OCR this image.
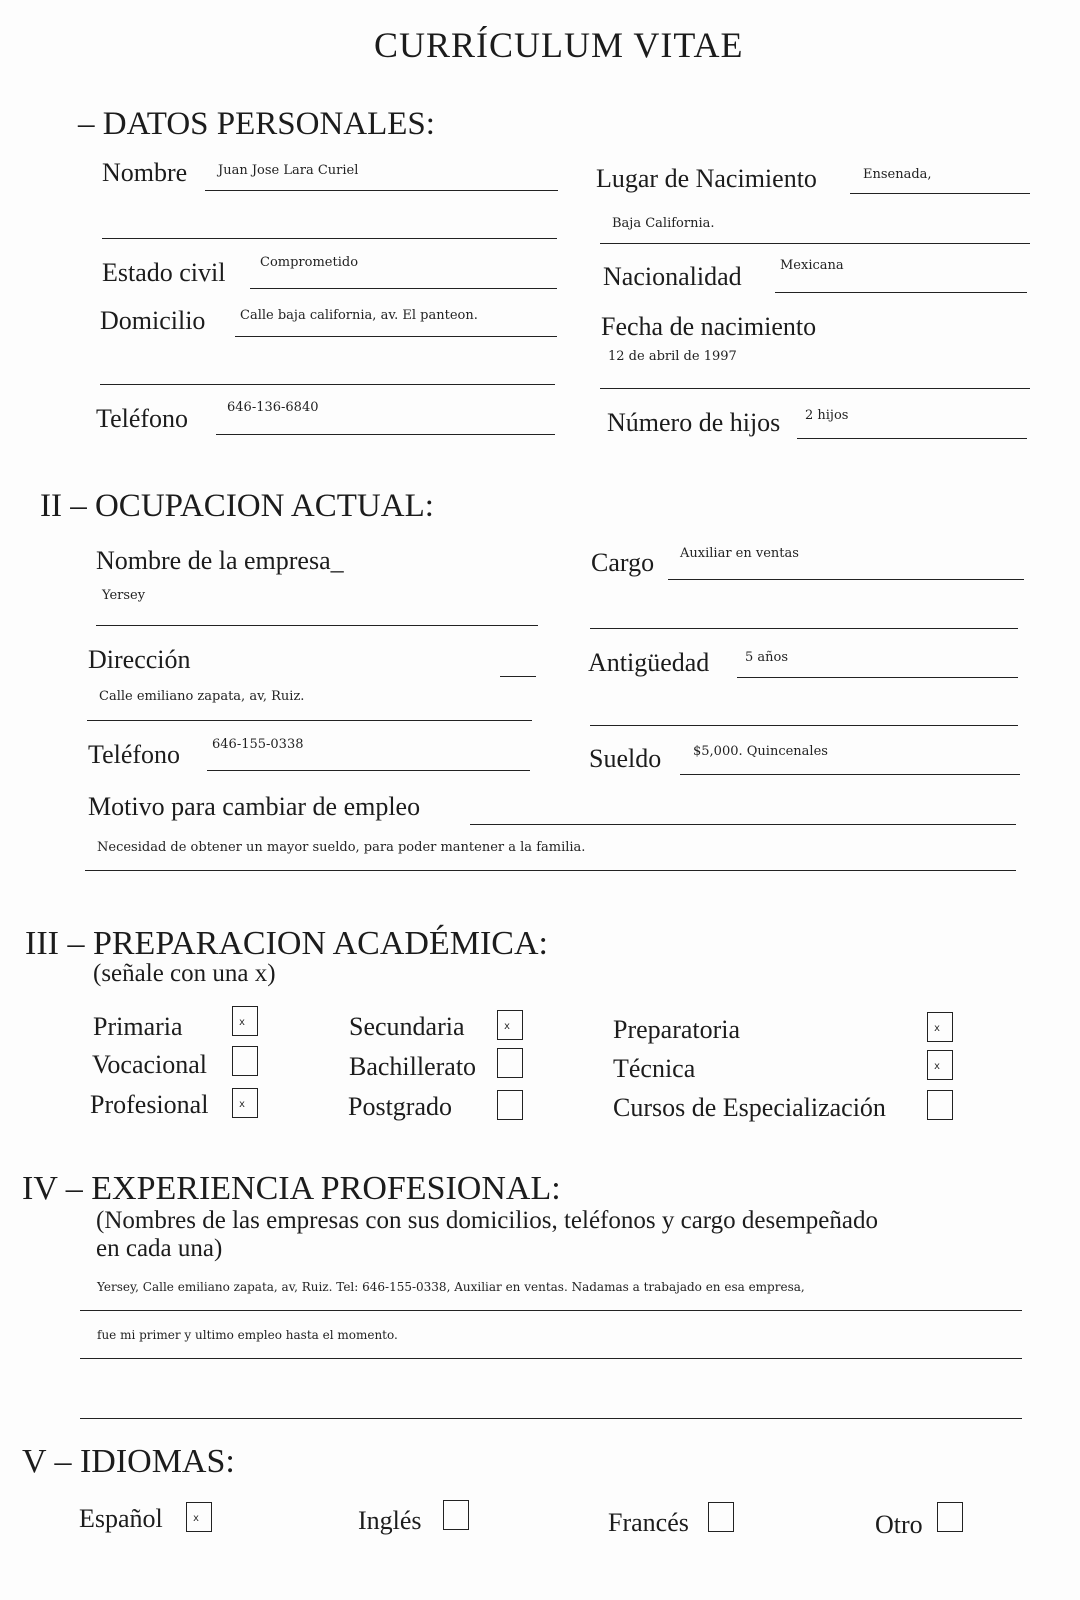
CURRÍCULUM VITAE
– DATOS PERSONALES:
Nombre Juan Jose Lara Curiel	Lugar de Nacimiento	Ensenada,
Baja California.
Estado civil	Comprometido	Nacionalidad	Mexicana
Domicilio	Calle baja california, av. El panteon.	Fecha de nacimiento
12 de abril de 1997
Teléfono	646-136-6840
Número de hijos 2 hijos
II – OCUPACION ACTUAL:
Nombre de la empresa_
Yersey
Cargo Auxiliar en ventas
Dirección
Calle emiliano zapata, av, Ruiz.
Antigüedad	5 años
Teléfono 646-155-0338	Sueldo $5,000. Quincenales
Motivo para cambiar de empleo
Necesidad de obtener un mayor sueldo, para poder mantener a la familia.
III – PREPARACION ACADÉMICA:
(señale con una x)
Primaria	x	Secundaria	x	Preparatoria	x
Vocacional	Bachillerato	Técnica	x
Profesional	x	Postgrado	Cursos de Especialización
IV – EXPERIENCIA PROFESIONAL:
(Nombres de las empresas con sus domicilios, teléfonos y cargo desempeñado
en cada una)
Yersey, Calle emiliano zapata, av, Ruiz. Tel: 646-155-0338, Auxiliar en ventas. Nadamas a trabajado en esa empresa,
fue mi primer y ultimo empleo hasta el momento.
V – IDIOMAS:
Español	x	Inglés	Francés	Otro
